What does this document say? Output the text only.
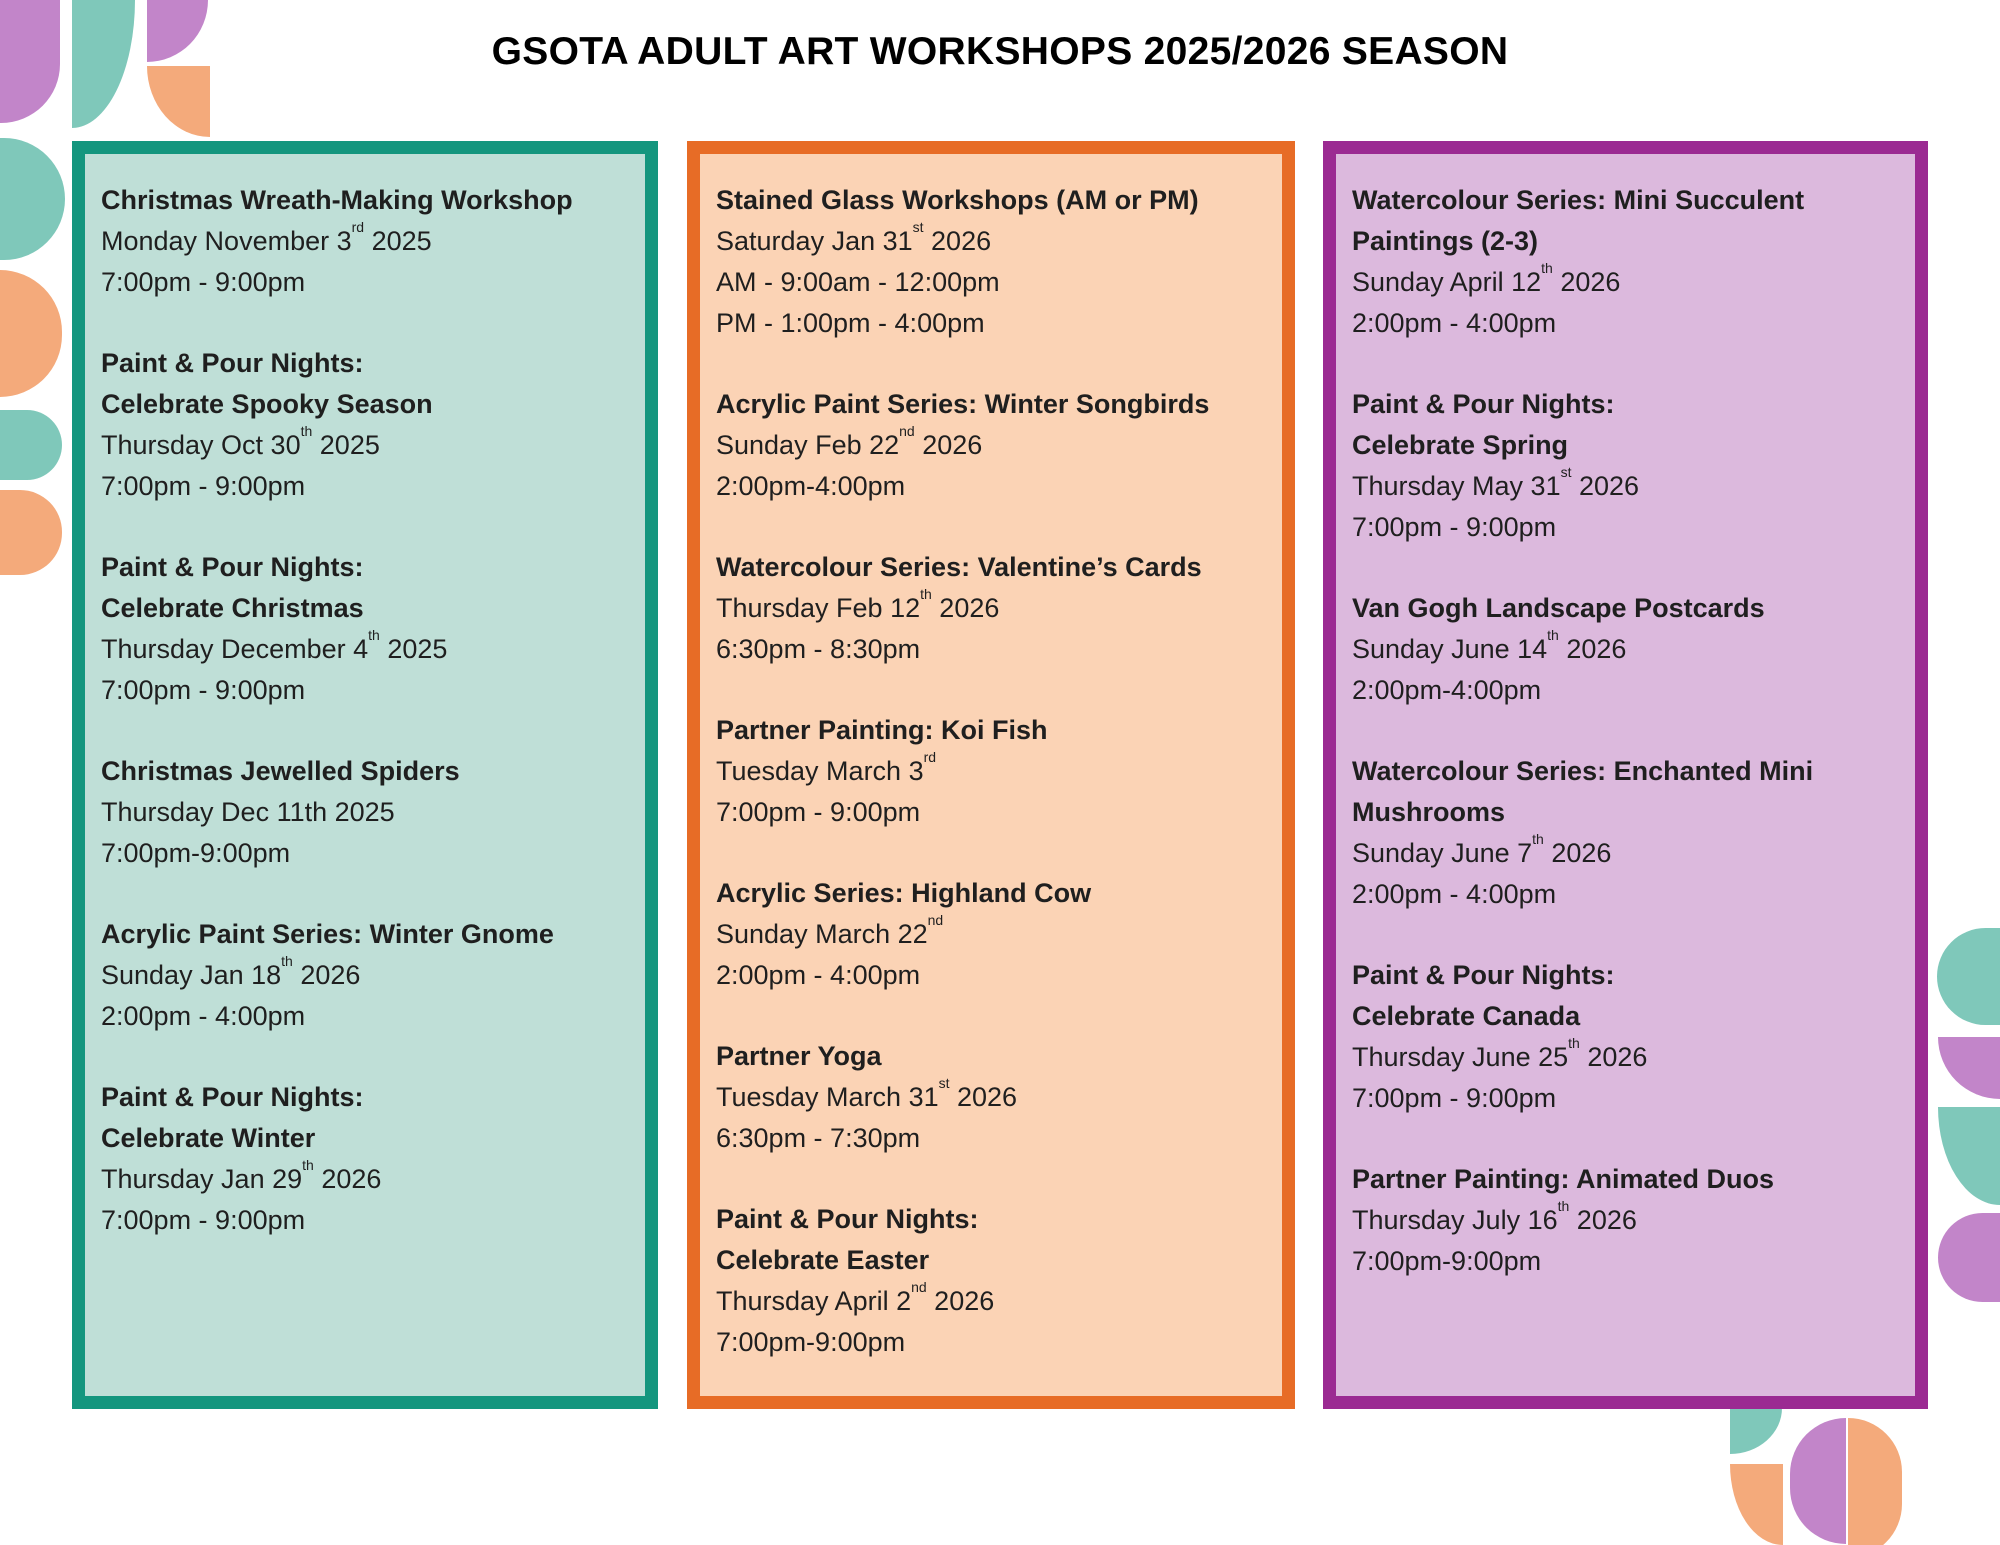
GSOTA ADULT ART WORKSHOPS 2025/2026 SEASON
Christmas Wreath-Making Workshop
Monday November 3rd 2025
7:00pm - 9:00pm
Paint & Pour Nights:
Celebrate Spooky Season
Thursday Oct 30th 2025
7:00pm - 9:00pm
Paint & Pour Nights:
Celebrate Christmas
Thursday December 4th 2025
7:00pm - 9:00pm
Christmas Jewelled Spiders
Thursday Dec 11th 2025
7:00pm-9:00pm
Acrylic Paint Series: Winter Gnome
Sunday Jan 18th 2026
2:00pm - 4:00pm
Paint & Pour Nights:
Celebrate Winter
Thursday Jan 29th 2026
7:00pm - 9:00pm
Stained Glass Workshops (AM or PM)
Saturday Jan 31st 2026
AM - 9:00am - 12:00pm
PM - 1:00pm - 4:00pm
Acrylic Paint Series: Winter Songbirds
Sunday Feb 22nd 2026
2:00pm-4:00pm
Watercolour Series: Valentine’s Cards
Thursday Feb 12th 2026
6:30pm - 8:30pm
Partner Painting: Koi Fish
Tuesday March 3rd
7:00pm - 9:00pm
Acrylic Series: Highland Cow
Sunday March 22nd
2:00pm - 4:00pm
Partner Yoga
Tuesday March 31st 2026
6:30pm - 7:30pm
Paint & Pour Nights:
Celebrate Easter
Thursday April 2nd 2026
7:00pm-9:00pm
Watercolour Series: Mini Succulent
Paintings (2-3)
Sunday April 12th 2026
2:00pm - 4:00pm
Paint & Pour Nights:
Celebrate Spring
Thursday May 31st 2026
7:00pm - 9:00pm
Van Gogh Landscape Postcards
Sunday June 14th 2026
2:00pm-4:00pm
Watercolour Series: Enchanted Mini
Mushrooms
Sunday June 7th 2026
2:00pm - 4:00pm
Paint & Pour Nights:
Celebrate Canada
Thursday June 25th 2026
7:00pm - 9:00pm
Partner Painting: Animated Duos
Thursday July 16th 2026
7:00pm-9:00pm
